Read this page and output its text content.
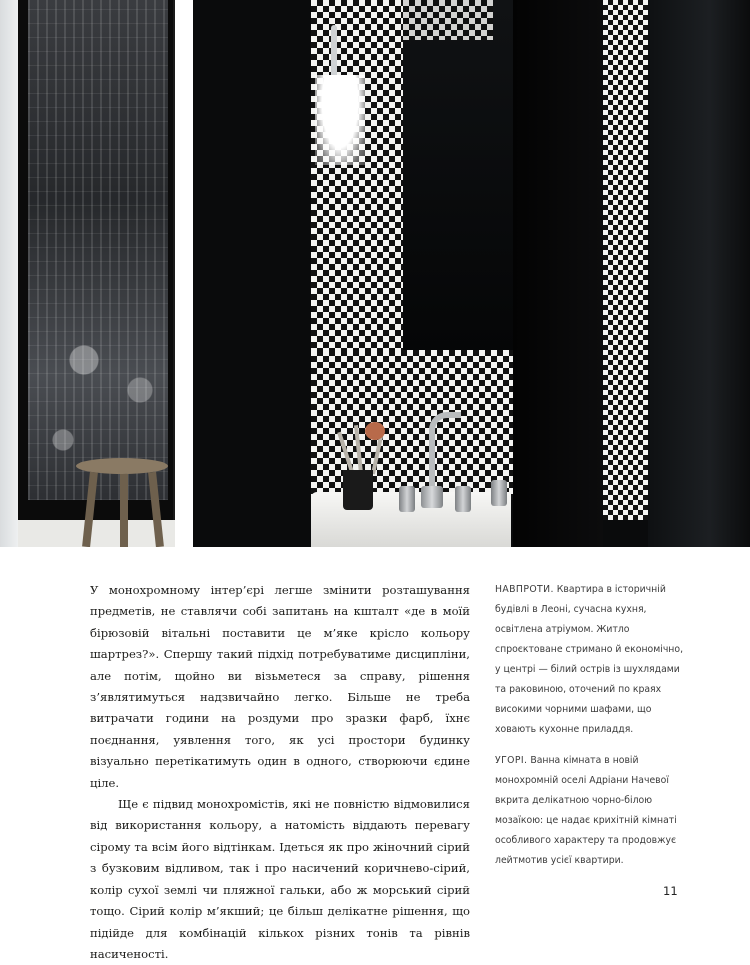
У монохромному інтер’єрі легше змінити розташування предметів, не ставлячи собі запитань на кшталт «де в моїй бірюзовій вітальні поставити це м’яке крісло кольору шартрез?». Спершу такий підхід потребуватиме дисципліни, але потім, щойно ви візьметеся за справу, рішення з’являтимуться надзвичайно легко. Більше не треба витрачати години на роздуми про зразки фарб, їхнє поєднання, уявлення того, як усі простори будинку візуально перетікатимуть один в одного, створюючи єдине ціле.

Ще є підвид монохромістів, які не повністю відмовилися від використання кольору, а натомість віддають перевагу сірому та всім його відтінкам. Ідеться як про жіночний сірий з бузковим відливом, так і про насичений коричнево-сірий, колір сухої землі чи пляжної гальки, або ж морський сірий тощо. Сірий колір м’якший; це більш делікатне рішення, що підійде для комбінацій кількох різних тонів та рівнів насиченості.

НАВПРОТИ. Квартира в історичній будівлі в Леоні, сучасна кухня, освітлена атріумом. Житло спроєктоване стримано й економічно, у центрі — білий острів із шухлядами та раковиною, оточений по краях високими чорними шафами, що ховають кухонне приладдя.

УГОРІ. Ванна кімната в новій монохромній оселі Адріани Начевої вкрита делікатною чорно-білою мозаїкою: це надає крихітній кімнаті особливого характеру та продовжує лейтмотив усієї квартири.

11
